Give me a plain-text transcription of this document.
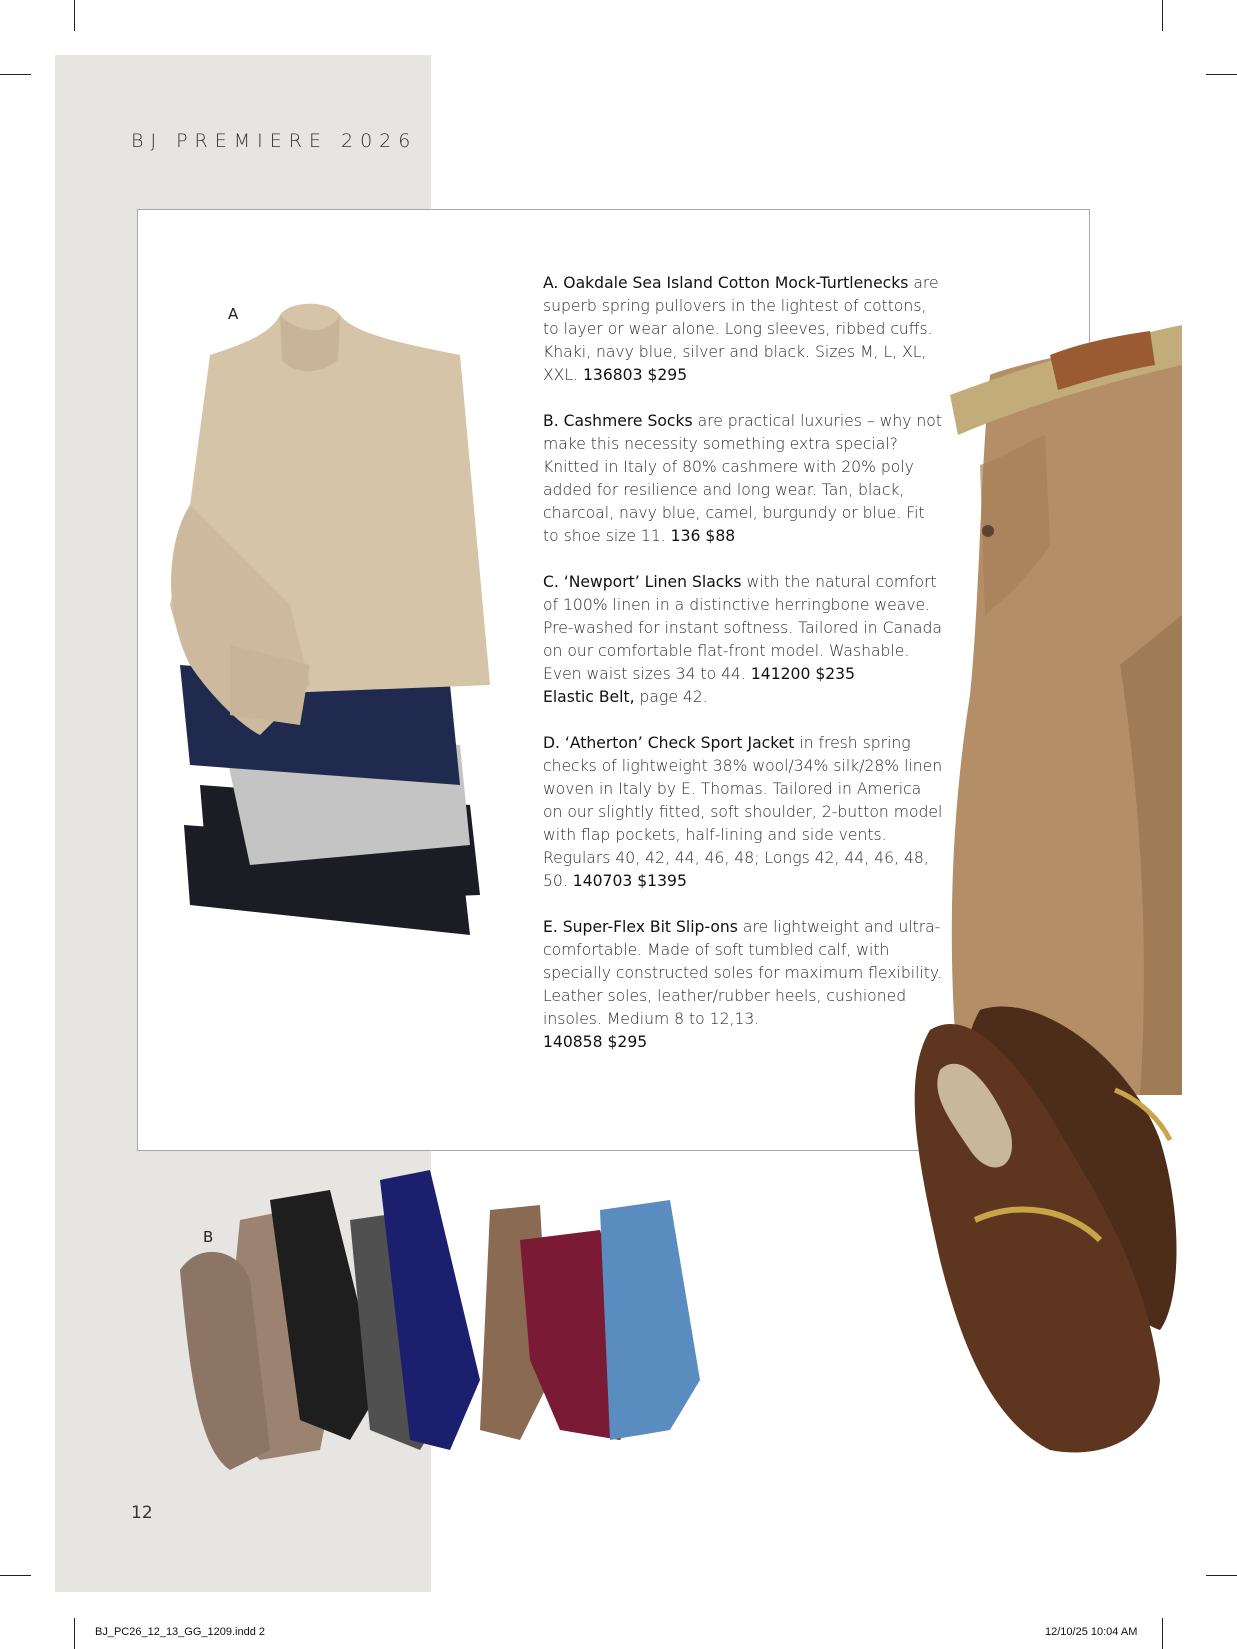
BJ PREMIERE 2026
A
B

A. Oakdale Sea Island Cotton Mock-Turtlenecks are superb spring pullovers in the lightest of cottons, to layer or wear alone. Long sleeves, ribbed cuffs. Khaki, navy blue, silver and black. Sizes M, L, XL, XXL. 136803 $295

B. Cashmere Socks are practical luxuries – why not make this necessity something extra special? Knitted in Italy of 80% cashmere with 20% poly added for resilience and long wear. Tan, black, charcoal, navy blue, camel, burgundy or blue. Fit to shoe size 11. 136 $88

C. ‘Newport’ Linen Slacks with the natural comfort of 100% linen in a distinctive herringbone weave. Pre-washed for instant softness. Tailored in Canada on our comfortable flat-front model. Washable. Even waist sizes 34 to 44. 141200 $235
Elastic Belt, page 42.

D. ‘Atherton’ Check Sport Jacket in fresh spring checks of lightweight 38% wool/34% silk/28% linen woven in Italy by E. Thomas. Tailored in America on our slightly fitted, soft shoulder, 2-button model with flap pockets, half-lining and side vents. Regulars 40, 42, 44, 46, 48; Longs 42, 44, 46, 48, 50. 140703 $1395

E. Super-Flex Bit Slip-ons are lightweight and ultra-comfortable. Made of soft tumbled calf, with specially constructed soles for maximum flexibility. Leather soles, leather/rubber heels, cushioned insoles. Medium 8 to 12,13.
140858 $295

12
BJ_PC26_12_13_GG_1209.indd 2	12/10/25 10:04 AM
